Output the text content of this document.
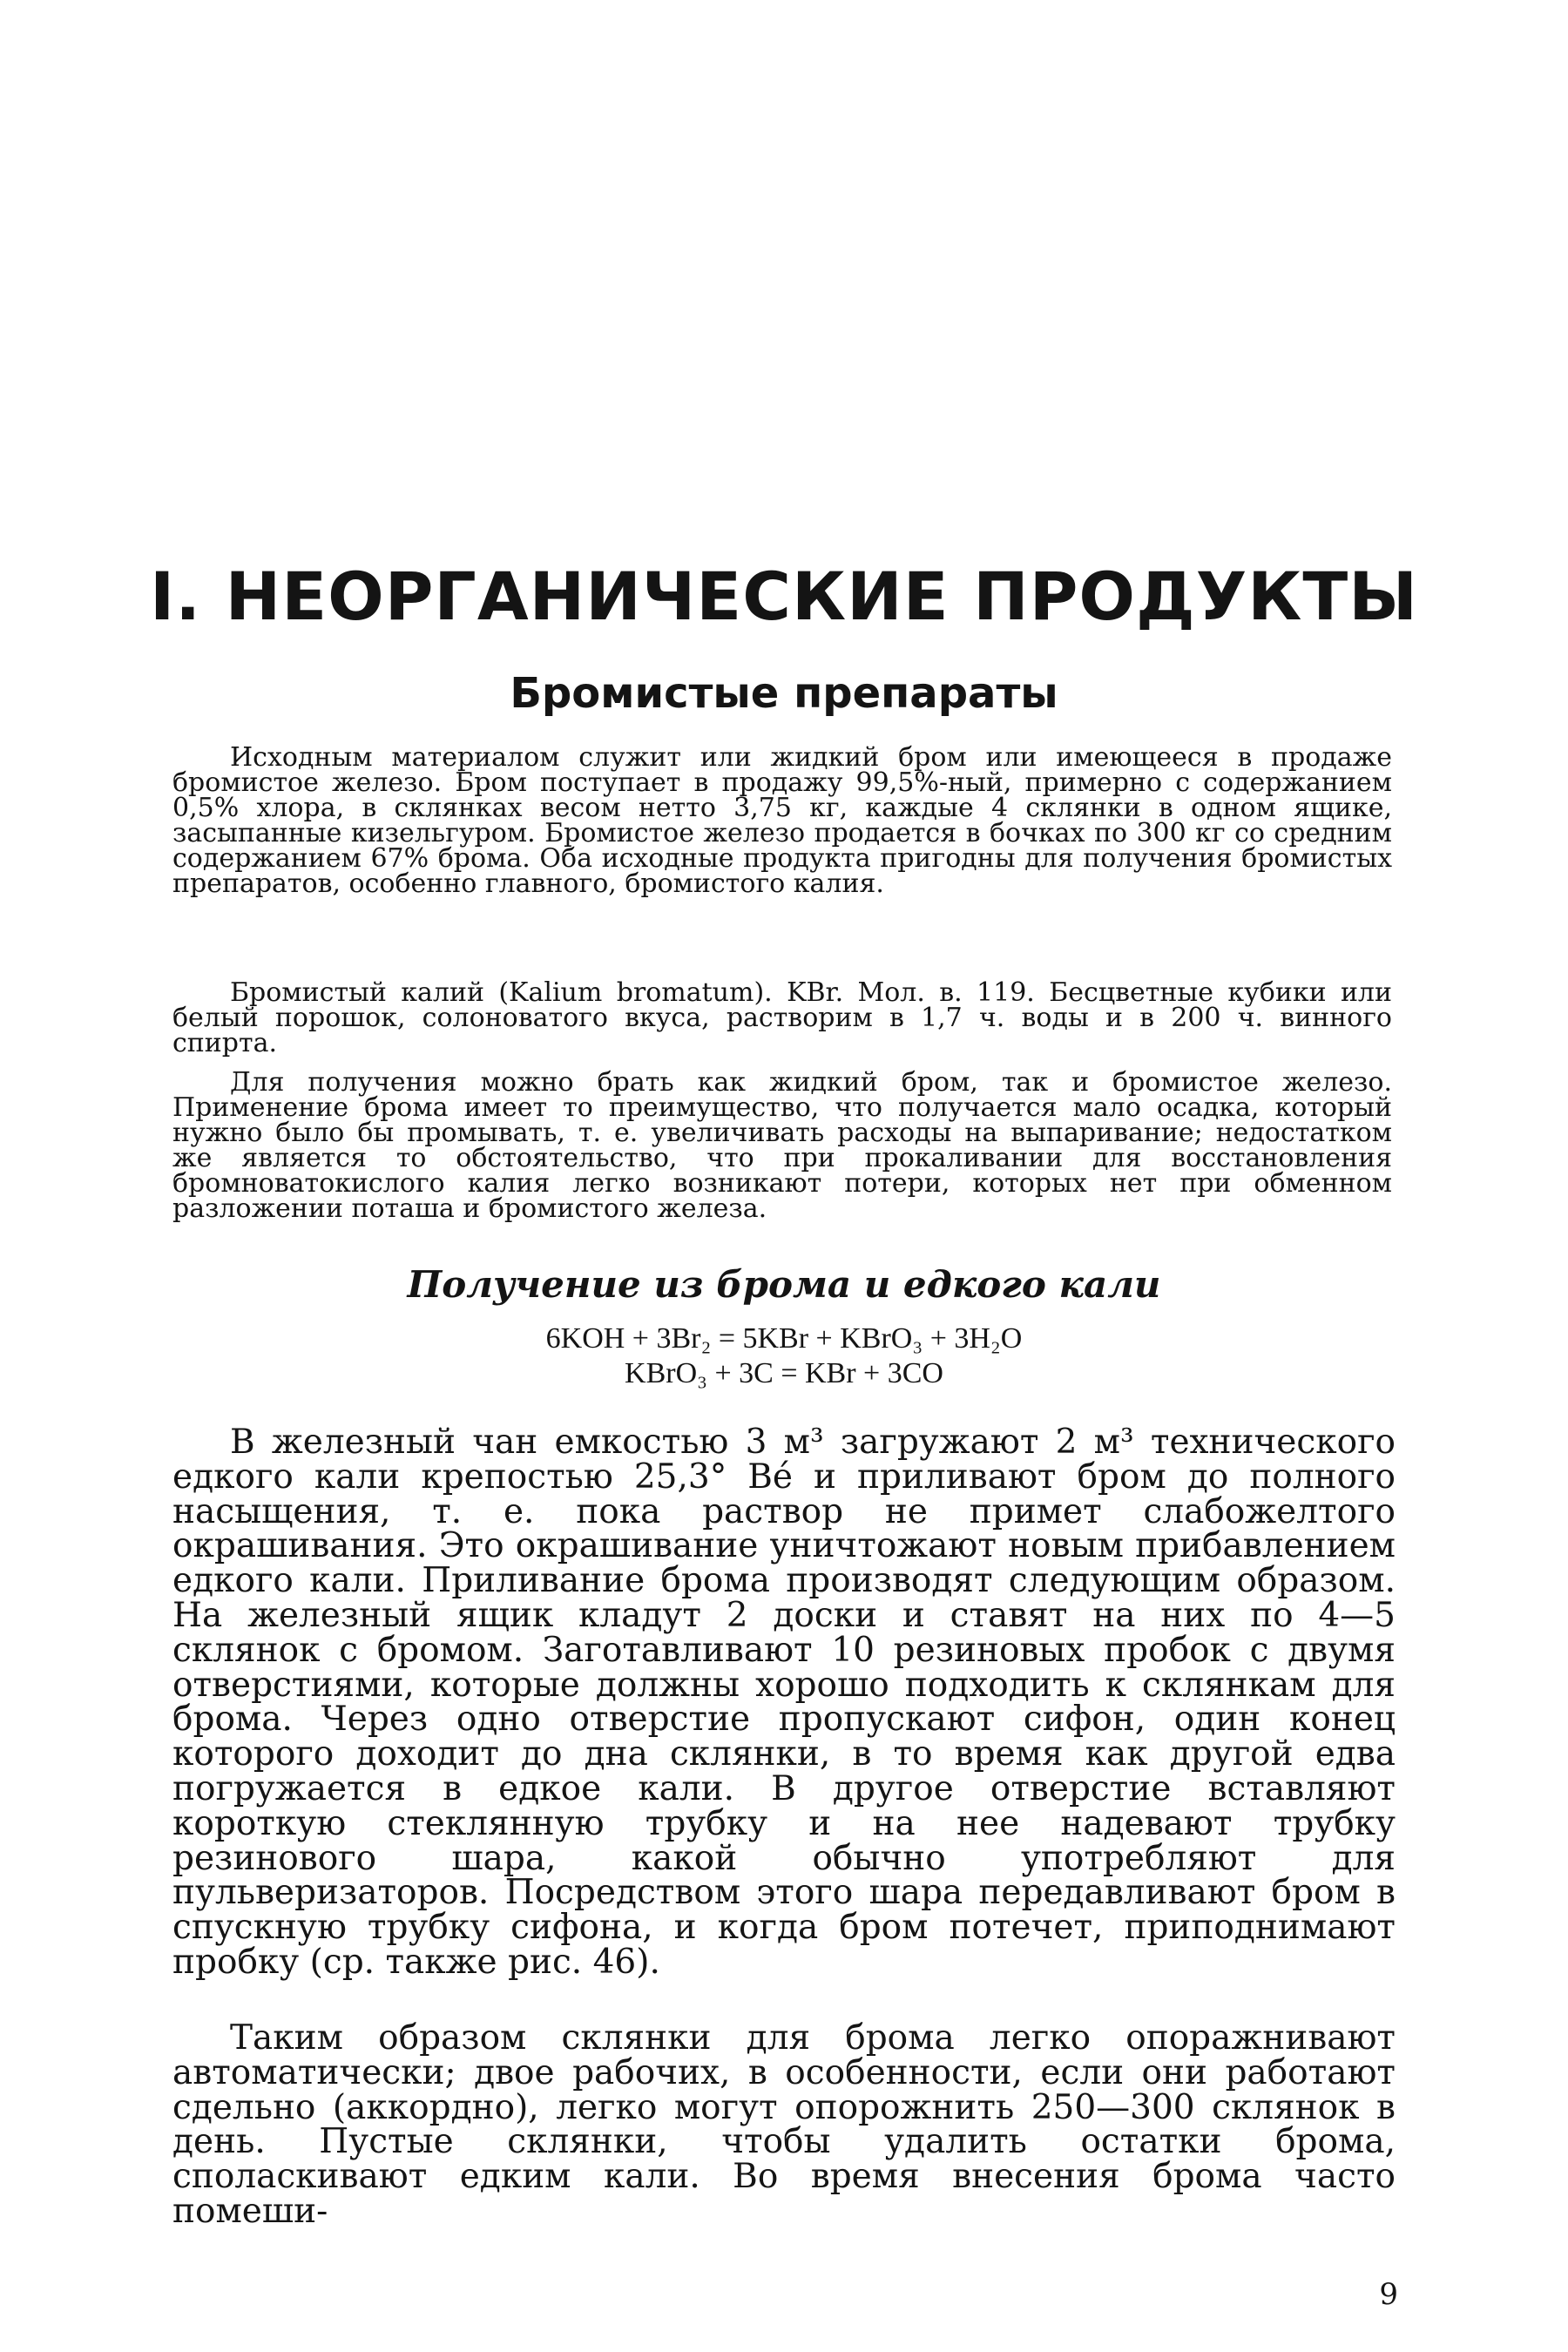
I. НЕОРГАНИЧЕСКИЕ ПРОДУКТЫ
Бромистые препараты

Исходным материалом служит или жидкий бром или имеющееся в продаже бромистое железо. Бром поступает в продажу 99,5%-ный, примерно с содержанием 0,5% хлора, в склянках весом нетто 3,75 кг, каждые 4 склянки в одном ящике, засыпанные кизельгуром. Бромистое железо продается в бочках по 300 кг со средним содержанием 67% брома. Оба исходные продукта пригодны для получения бромистых препаратов, особенно главного, бромистого калия.

Бромистый калий (Kalium bromatum). KBr. Мол. в. 119. Бесцветные кубики или белый порошок, солоноватого вкуса, растворим в 1,7 ч. воды и в 200 ч. винного спирта.

Для получения можно брать как жидкий бром, так и бромистое железо. Применение брома имеет то преимущество, что получается мало осадка, который нужно было бы промывать, т. е. увеличивать расходы на выпаривание; недостатком же является то обстоятельство, что при прокаливании для восстановления бромноватокислого калия легко возникают потери, которых нет при обменном разложении поташа и бромистого железа.

Получение из брома и едкого кали
6KOH + 3Br₂ = 5KBr + KBrO₃ + 3H₂O
KBrO₃ + 3C = KBr + 3CO

В железный чан емкостью 3 м³ загружают 2 м³ технического едкого кали крепостью 25,3° Bé и приливают бром до полного насыщения, т. е. пока раствор не примет слабожелтого окрашивания. Это окрашивание уничтожают новым прибавлением едкого кали. Приливание брома производят следующим образом. На железный ящик кладут 2 доски и ставят на них по 4—5 склянок с бромом. Заготавливают 10 резиновых пробок с двумя отверстиями, которые должны хорошо подходить к склянкам для брома. Через одно отверстие пропускают сифон, один конец которого доходит до дна склянки, в то время как другой едва погружается в едкое кали. В другое отверстие вставляют короткую стеклянную трубку и на нее надевают трубку резинового шара, какой обычно употребляют для пульверизаторов. Посредством этого шара передавливают бром в спускную трубку сифона, и когда бром потечет, приподнимают пробку (ср. также рис. 46).

Таким образом склянки для брома легко опоражнивают автоматически; двое рабочих, в особенности, если они работают сдельно (аккордно), легко могут опорожнить 250—300 склянок в день. Пустые склянки, чтобы удалить остатки брома, споласкивают едким кали. Во время внесения брома часто помеши-

9
